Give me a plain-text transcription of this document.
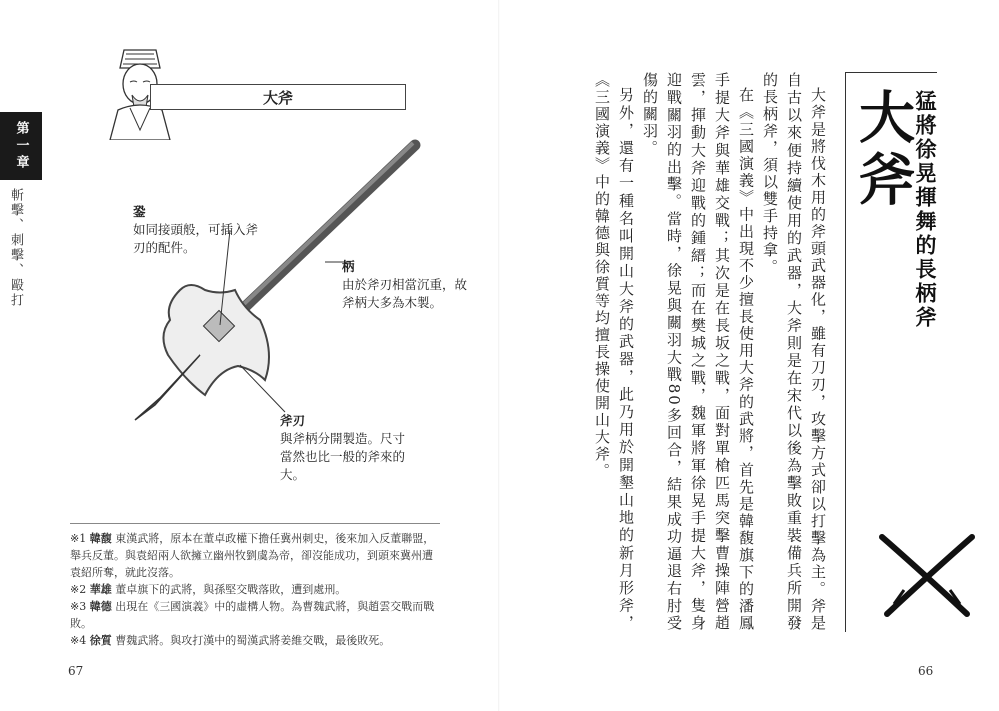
第一章
斬擊、刺擊、毆打
大斧
銎
如同接頭般，可插入斧刃的配件。
柄
由於斧刃相當沉重，故斧柄大多為木製。
斧刃
與斧柄分開製造。尺寸當然也比一般的斧來的大。
※1 韓馥 東漢武將，原本在董卓政權下擔任冀州刺史，後來加入反董聯盟，舉兵反董。與袁紹兩人欲擁立幽州牧劉虞為帝，卻沒能成功，到頭來冀州遭袁紹所奪，就此沒落。
※2 華雄 董卓旗下的武將，與孫堅交戰落敗，遭到處刑。
※3 韓德 出現在《三國演義》中的虛構人物。為曹魏武將，與趙雲交戰而戰敗。
※4 徐質 曹魏武將。與攻打漢中的蜀漢武將姜維交戰，最後敗死。
67
大斧
猛將徐晃揮舞的長柄斧

大斧是將伐木用的斧頭武器化，雖有刀刃，攻擊方式卻以打擊為主。斧是自古以來便持續使用的武器，大斧則是在宋代以後為擊敗重裝備兵所開發的長柄斧，須以雙手持拿。

在《三國演義》中出現不少擅長使用大斧的武將，首先是韓馥旗下的潘鳳手提大斧與華雄交戰；其次是在長坂之戰，面對單槍匹馬突擊曹操陣營趙雲，揮動大斧迎戰的鍾縉；而在樊城之戰，魏軍將軍徐晃手提大斧，隻身迎戰關羽的出擊。當時，徐晃與關羽大戰80多回合，結果成功逼退右肘受傷的關羽。

另外，還有一種名叫開山大斧的武器，此乃用於開墾山地的新月形斧，《三國演義》中的韓德與徐質等均擅長操使開山大斧。

66
